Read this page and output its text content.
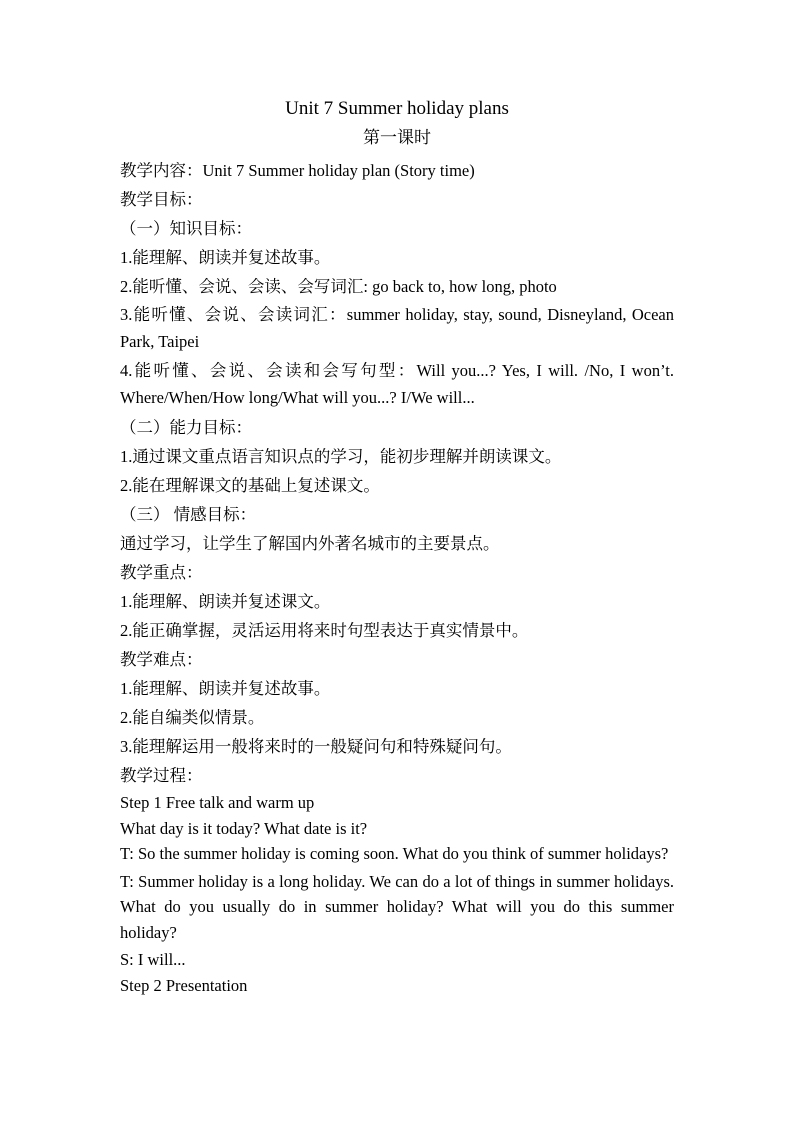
Unit 7 Summer holiday plans
第一课时
教学内容：Unit 7 Summer holiday plan (Story time)
教学目标：
（一）知识目标：
1.能理解、朗读并复述故事。
2.能听懂、会说、会读、会写词汇: go back to, how long, photo
3.能听懂、会说、会读词汇：summer holiday, stay, sound, Disneyland, Ocean Park, Taipei
4.能听懂、会说、会读和会写句型：Will you...? Yes, I will. /No, I won’t. Where/When/How long/What will you...? I/We will...
（二）能力目标：
1.通过课文重点语言知识点的学习，能初步理解并朗读课文。
2.能在理解课文的基础上复述课文。
（三） 情感目标：
通过学习，让学生了解国内外著名城市的主要景点。
教学重点：
1.能理解、朗读并复述课文。
2.能正确掌握，灵活运用将来时句型表达于真实情景中。
教学难点：
1.能理解、朗读并复述故事。
2.能自编类似情景。
3.能理解运用一般将来时的一般疑问句和特殊疑问句。
教学过程：
Step 1 Free talk and warm up
What day is it today? What date is it?
T: So the summer holiday is coming soon. What do you think of summer holidays?
T: Summer holiday is a long holiday. We can do a lot of things in summer holidays. What do you usually do in summer holiday? What will you do this summer holiday?
S: I will...
Step 2 Presentation
